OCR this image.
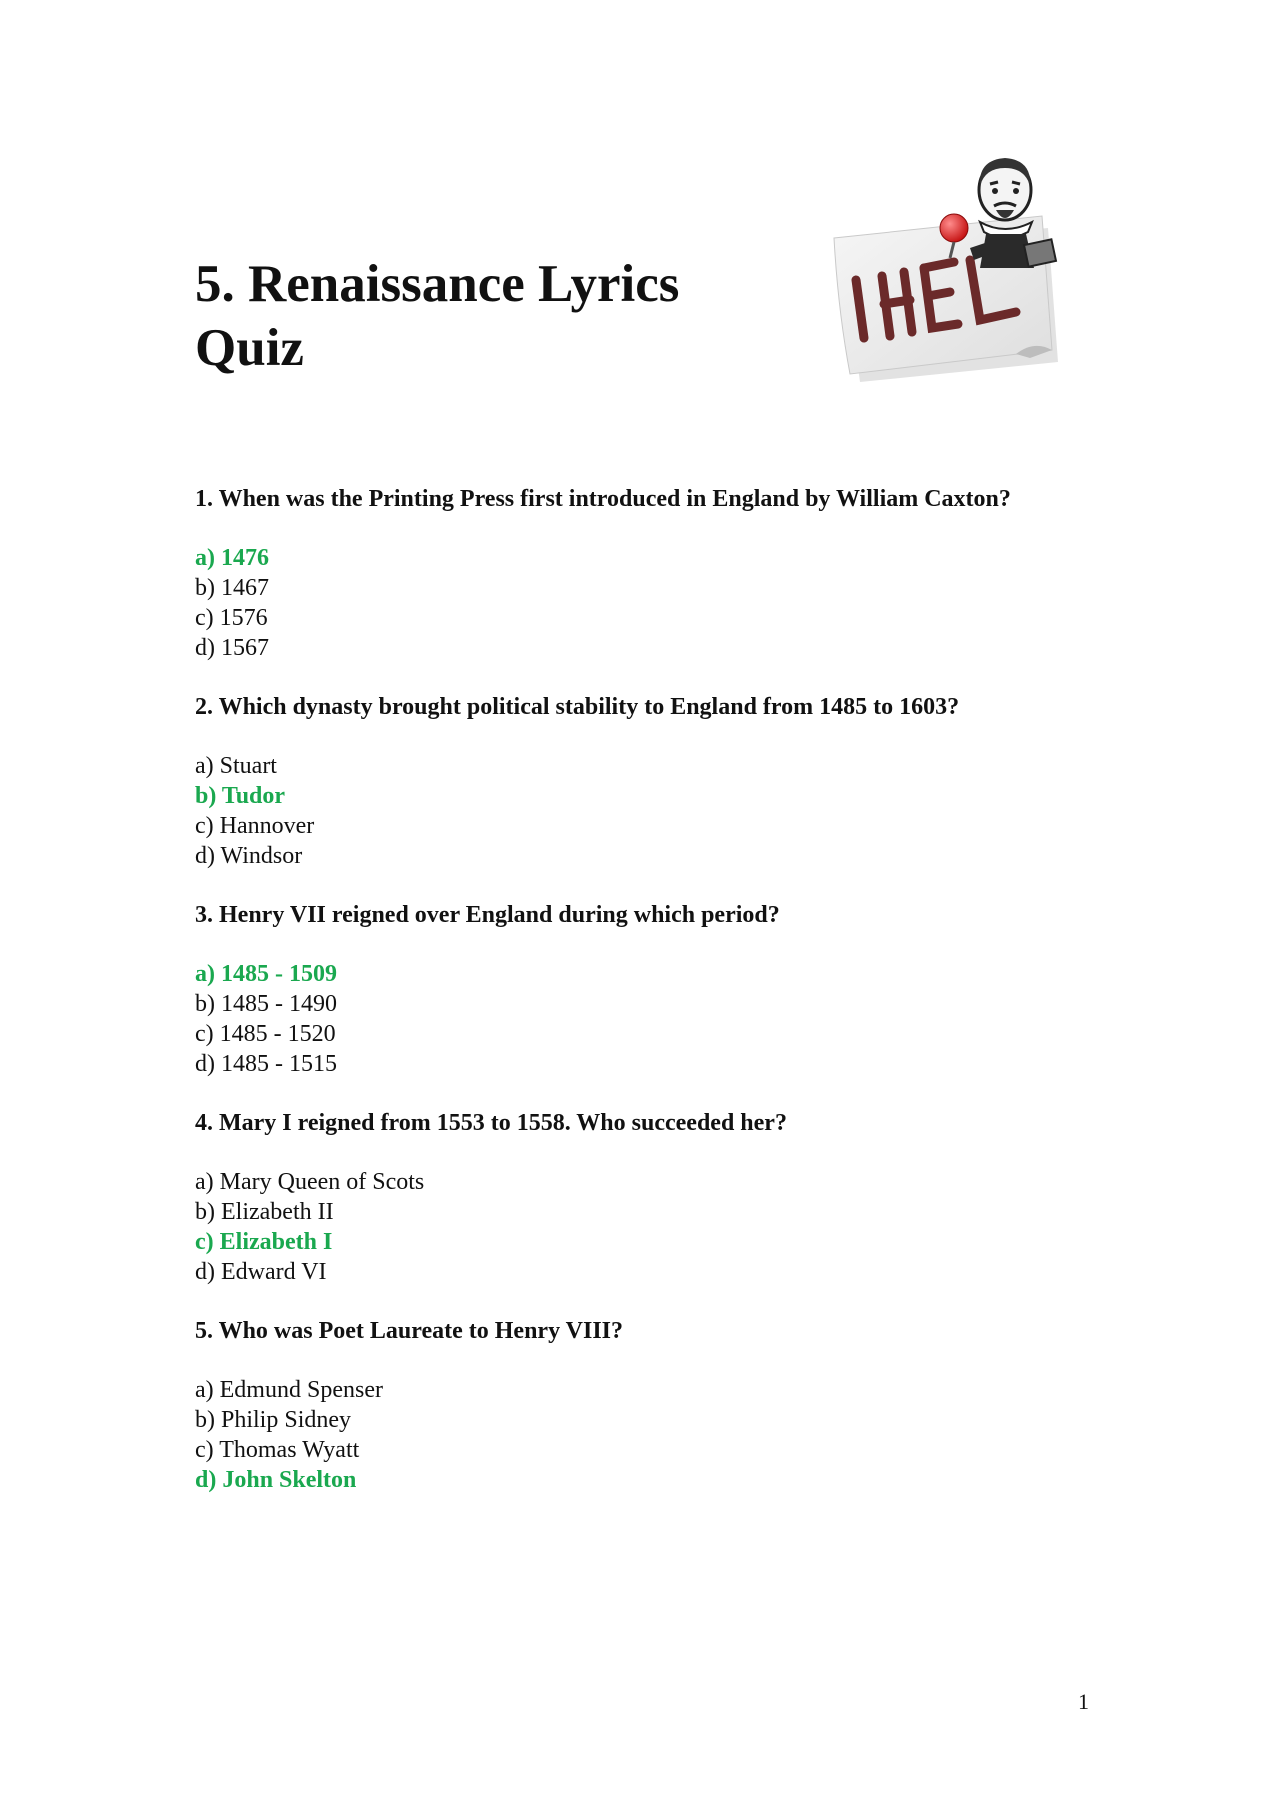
5. Renaissance Lyrics
Quiz
1. When was the Printing Press first introduced in England by William Caxton?
a) 1476
b) 1467
c) 1576
d) 1567
2. Which dynasty brought political stability to England from 1485 to 1603?
a) Stuart
b) Tudor
c) Hannover
d) Windsor
3. Henry VII reigned over England during which period?
a) 1485 - 1509
b) 1485 - 1490
c) 1485 - 1520
d) 1485 - 1515
4. Mary I reigned from 1553 to 1558. Who succeeded her?
a) Mary Queen of Scots
b) Elizabeth II
c) Elizabeth I
d) Edward VI
5. Who was Poet Laureate to Henry VIII?
a) Edmund Spenser
b) Philip Sidney
c) Thomas Wyatt
d) John Skelton
1
